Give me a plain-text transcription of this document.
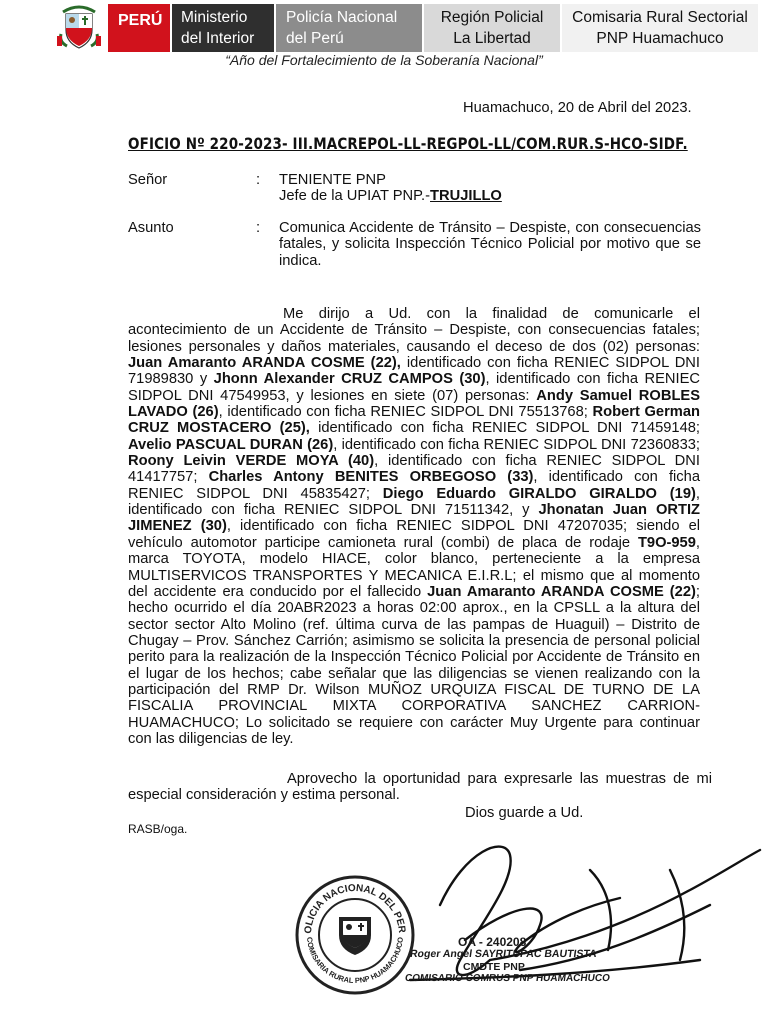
PERÚ	Ministerio
del Interior
Policía Nacional
del Perú
Región Policial
La Libertad
Comisaria Rural Sectorial
PNP Huamachuco
“Año del Fortalecimiento de la Soberanía Nacional”
Huamachuco, 20 de Abril del 2023.
OFICIO Nº 220-2023- III.MACREPOL-LL-REGPOL-LL/COM.RUR.S-HCO-SIDF.
Señor	: TENIENTE PNP
Jefe de la UPIAT PNP.-TRUJILLO
Asunto	: Comunica Accidente de Tránsito – Despiste, con consecuencias fatales, y solicita Inspección Técnico Policial por motivo que se indica.

Me dirijo a Ud. con la finalidad de comunicarle el acontecimiento de un Accidente de Tránsito – Despiste, con consecuencias fatales; lesiones personales y daños materiales, causando el deceso de dos (02) personas: Juan Amaranto ARANDA COSME (22), identificado con ficha RENIEC SIDPOL DNI 71989830 y Jhonn Alexander CRUZ CAMPOS (30), identificado con ficha RENIEC SIDPOL DNI 47549953, y lesiones en siete (07) personas: Andy Samuel ROBLES LAVADO (26), identificado con ficha RENIEC SIDPOL DNI 75513768; Robert German CRUZ MOSTACERO (25), identificado con ficha RENIEC SIDPOL DNI 71459148; Avelio PASCUAL DURAN (26), identificado con ficha RENIEC SIDPOL DNI 72360833; Roony Leivin VERDE MOYA (40), identificado con ficha RENIEC SIDPOL DNI 41417757; Charles Antony BENITES ORBEGOSO (33), identificado con ficha RENIEC SIDPOL DNI 45835427; Diego Eduardo GIRALDO GIRALDO (19), identificado con ficha RENIEC SIDPOL DNI 71511342, y Jhonatan Juan ORTIZ JIMENEZ (30), identificado con ficha RENIEC SIDPOL DNI 47207035; siendo el vehículo automotor participe camioneta rural (combi) de placa de rodaje T9O-959, marca TOYOTA, modelo HIACE, color blanco, perteneciente a la empresa MULTISERVICOS TRANSPORTES Y MECANICA E.I.R.L; el mismo que al momento del accidente era conducido por el fallecido Juan Amaranto ARANDA COSME (22); hecho ocurrido el día 20ABR2023 a horas 02:00 aprox., en la CPSLL a la altura del sector sector Alto Molino (ref. última curva de las pampas de Huaguil) – Distrito de Chugay – Prov. Sánchez Carrión; asimismo se solicita la presencia de personal policial perito para la realización de la Inspección Técnico Policial por Accidente de Tránsito en el lugar de los hechos; cabe señalar que las diligencias se vienen realizando con la participación del RMP Dr. Wilson MUÑOZ URQUIZA FISCAL DE TURNO DE LA FISCALIA PROVINCIAL MIXTA CORPORATIVA SANCHEZ CARRION-HUAMACHUCO; Lo solicitado se requiere con carácter Muy Urgente para continuar con las diligencias de ley.

Aprovecho la oportunidad para expresarle las muestras de mi especial consideración y estima personal.
Dios guarde a Ud.
RASB/oga.
OA - 240208
Roger Angel SAYRITUPAC BAUTISTA
CMDTE PNP
COMISARIO COMRUS PNP HUAMACHUCO
OLICIA NACIONAL DEL PER
COMISARIA RURAL PNP HUAMACHUCO
